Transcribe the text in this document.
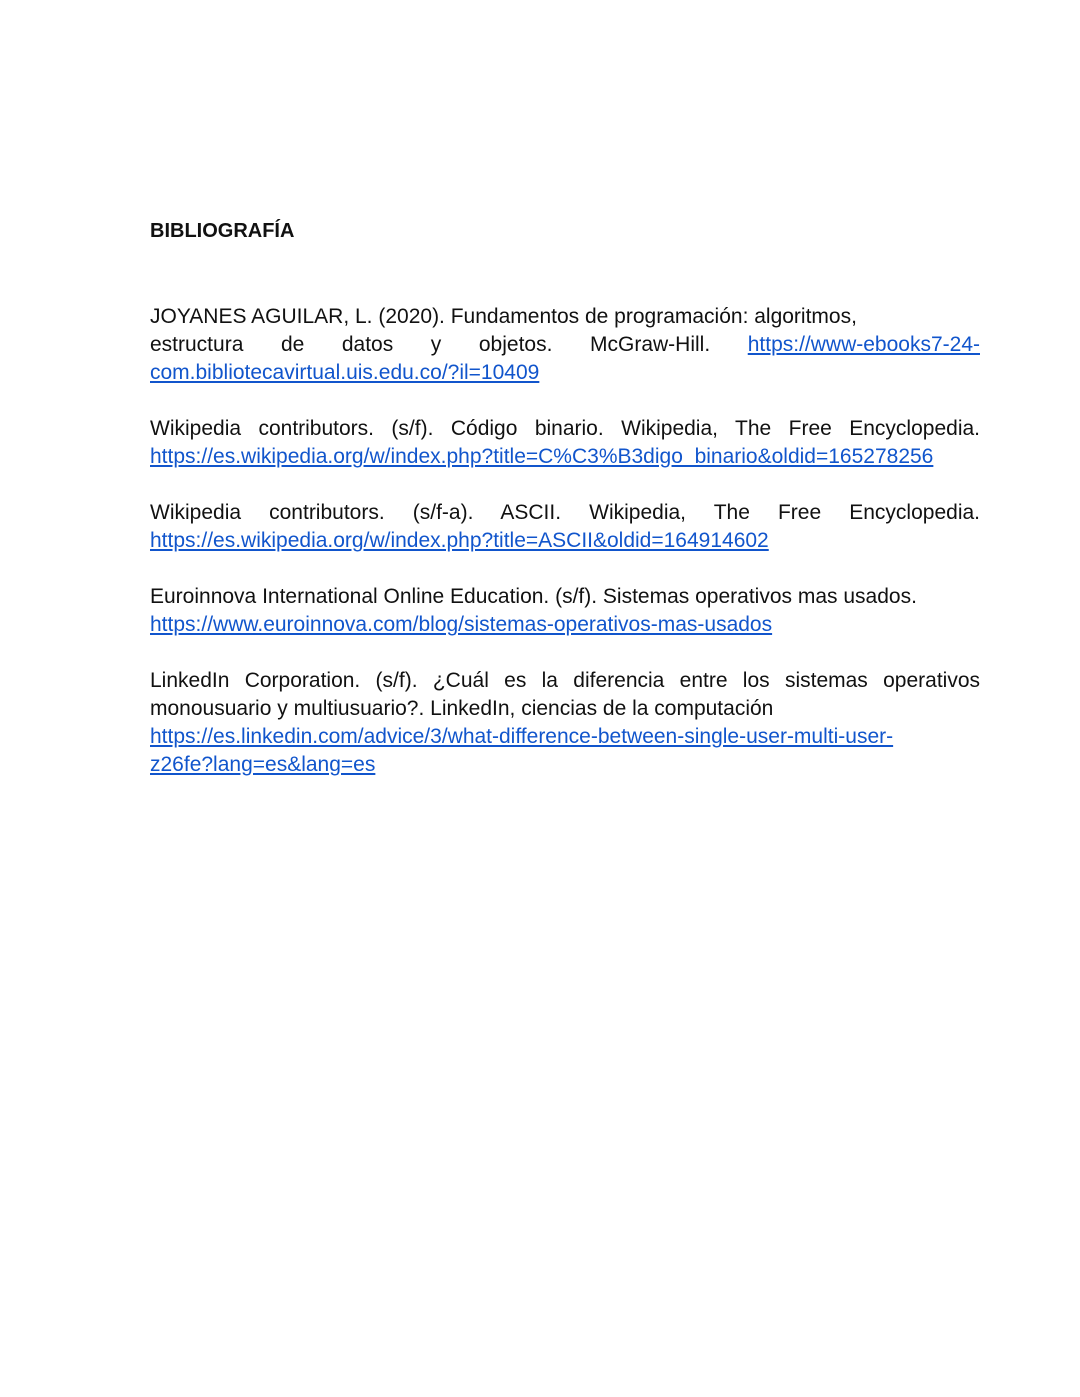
BIBLIOGRAFÍA
JOYANES AGUILAR, L. (2020). Fundamentos de programación: algoritmos,
estructura de datos y objetos. McGraw-Hill. https://www-ebooks7-24-
com.bibliotecavirtual.uis.edu.co/?il=10409
Wikipedia contributors. (s/f). Código binario. Wikipedia, The Free Encyclopedia.
https://es.wikipedia.org/w/index.php?title=C%C3%B3digo_binario&oldid=165278256
Wikipedia contributors. (s/f-a). ASCII. Wikipedia, The Free Encyclopedia.
https://es.wikipedia.org/w/index.php?title=ASCII&oldid=164914602
Euroinnova International Online Education. (s/f). Sistemas operativos mas usados.
https://www.euroinnova.com/blog/sistemas-operativos-mas-usados
LinkedIn Corporation. (s/f). ¿Cuál es la diferencia entre los sistemas operativos
monousuario y multiusuario?. LinkedIn, ciencias de la computación
https://es.linkedin.com/advice/3/what-difference-between-single-user-multi-user-
z26fe?lang=es&lang=es
